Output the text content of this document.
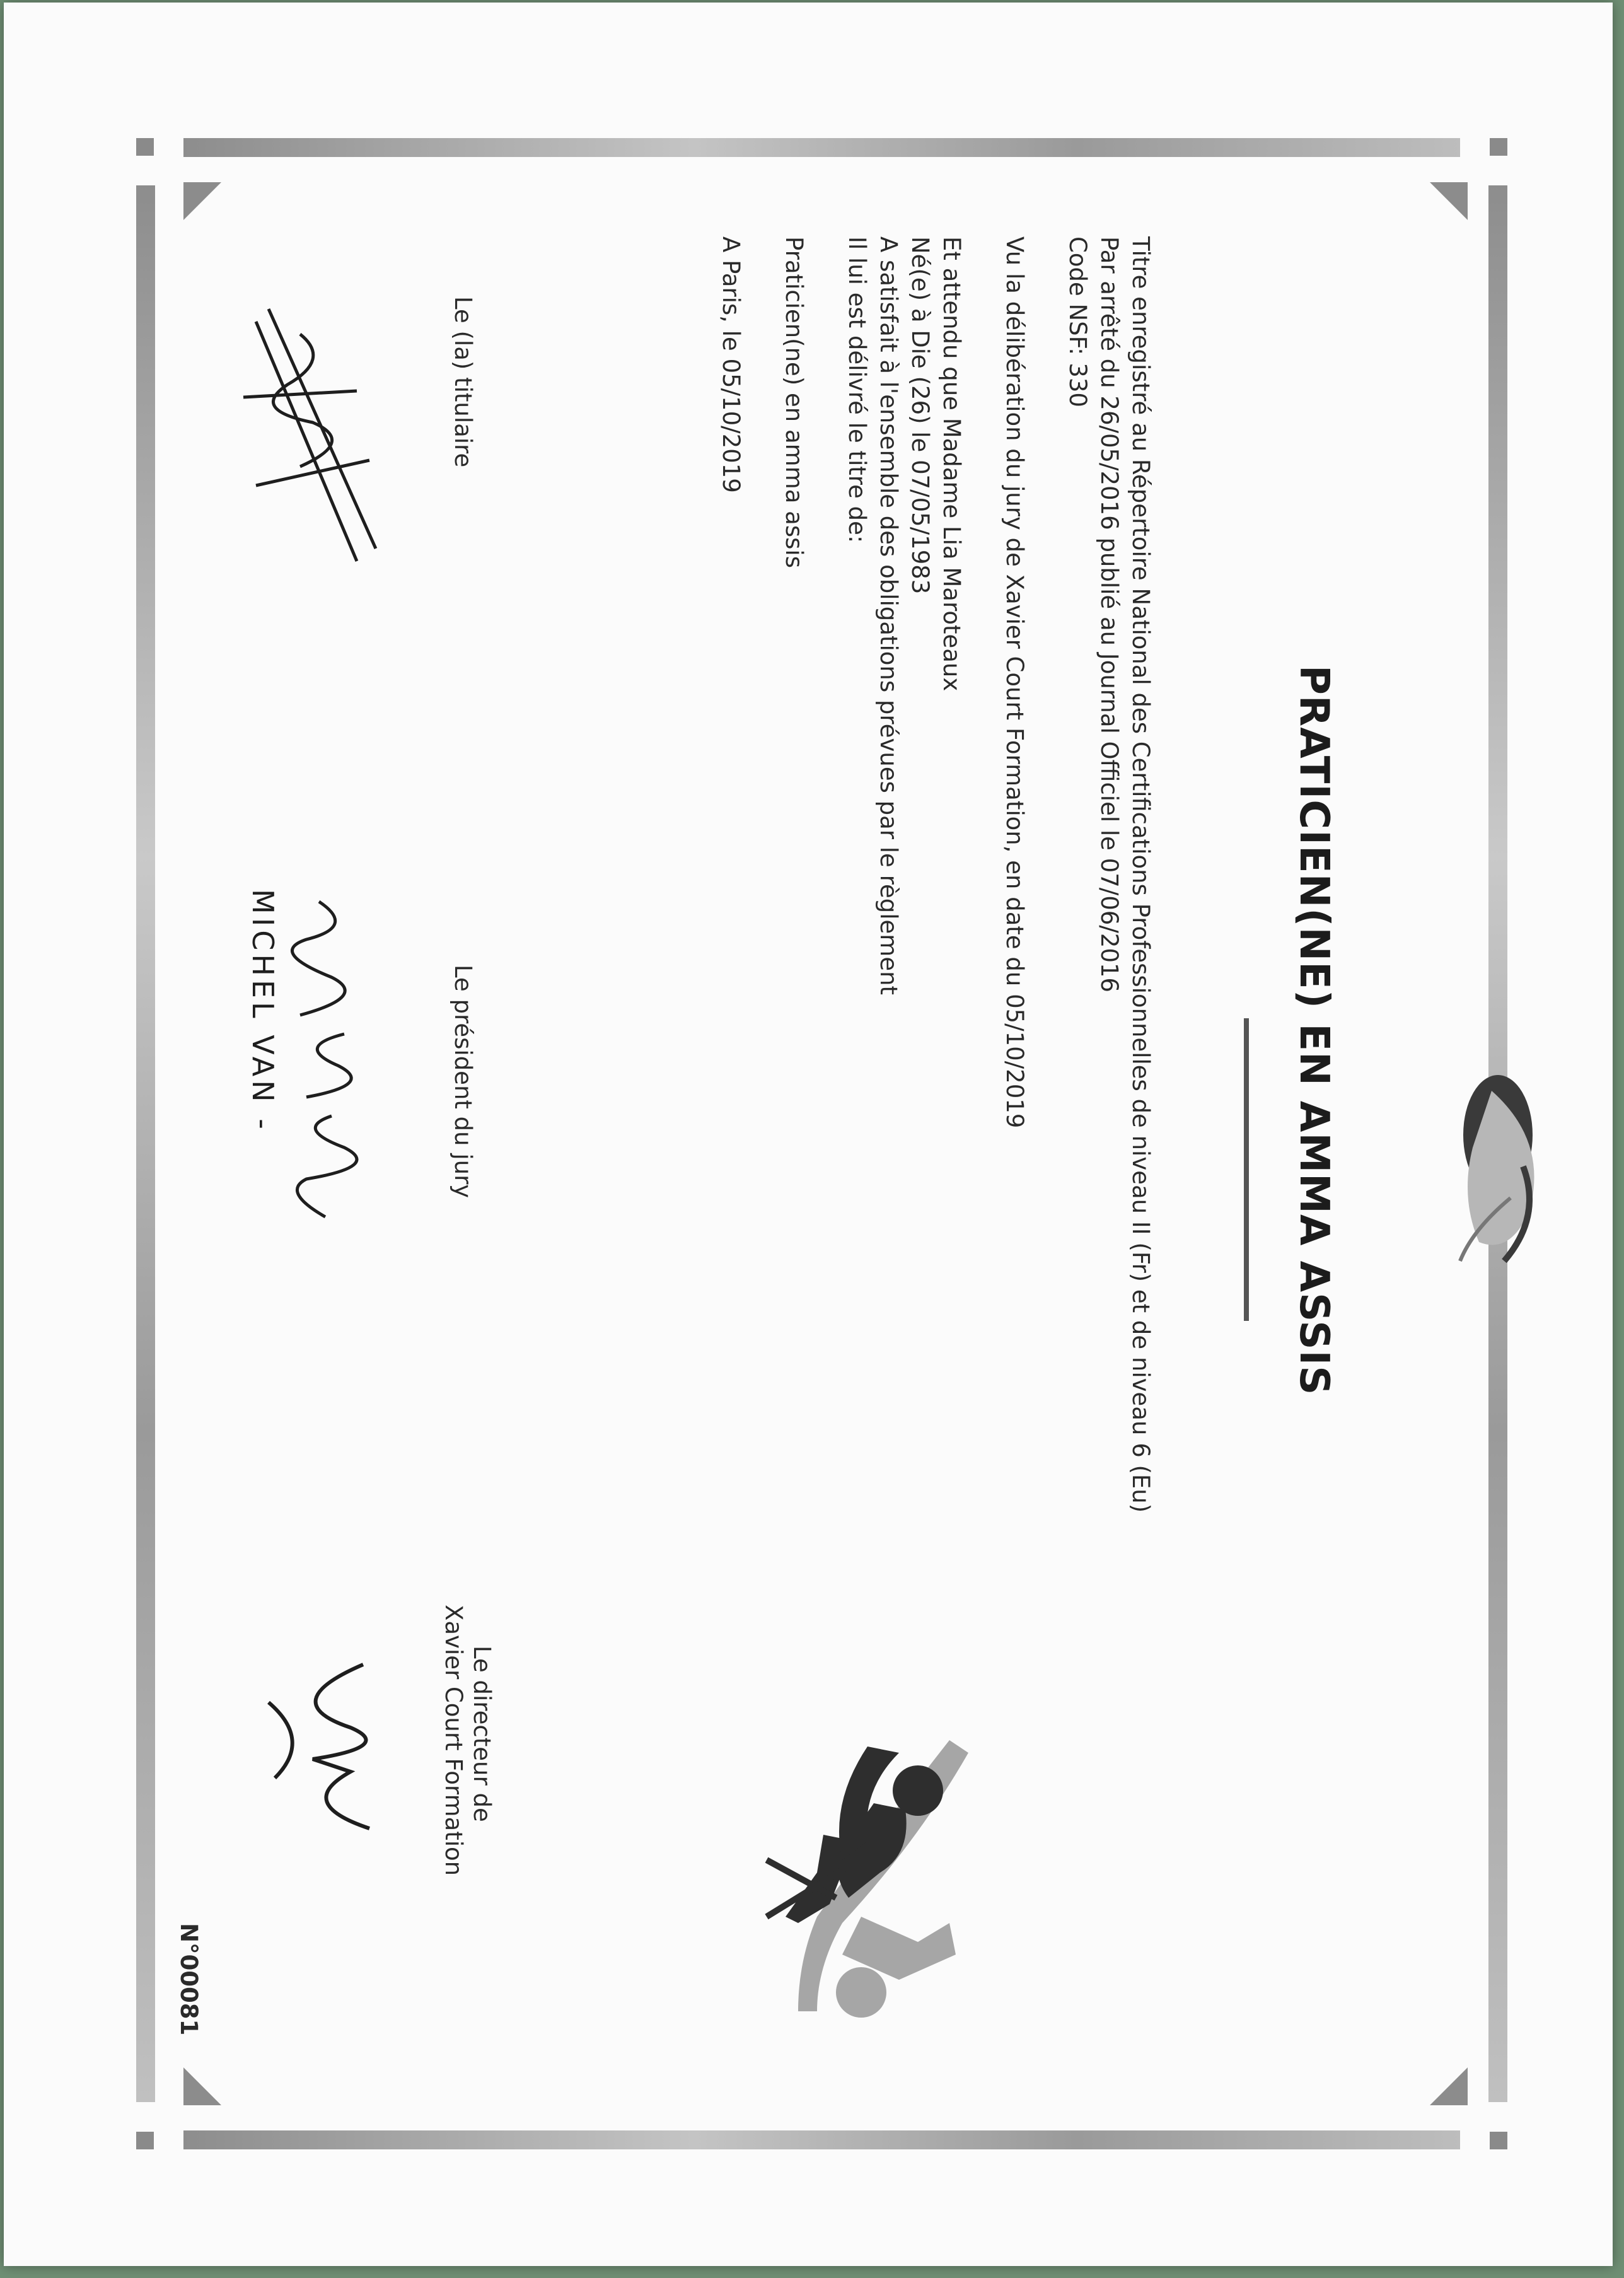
PRATICIEN(NE) EN AMMA ASSIS
Titre enregistré au Répertoire National des Certifications Professionnelles de niveau II (Fr) et de niveau 6 (Eu)
Par arrêté du 26/05/2016 publié au Journal Officiel le 07/06/2016
Code NSF: 330
Vu la délibération du jury de Xavier Court Formation, en date du 05/10/2019
Et attendu que Madame Lia Maroteaux
Né(e) à Die (26) le 07/05/1983
A satisfait à l'ensemble des obligations prévues par le règlement
Il lui est délivré le titre de:
Praticien(ne) en amma assis
A Paris, le 05/10/2019
Le (la) titulaire
Le président du jury
Le directeur de
Xavier Court Formation
N°00081
MICHEL VAN -
